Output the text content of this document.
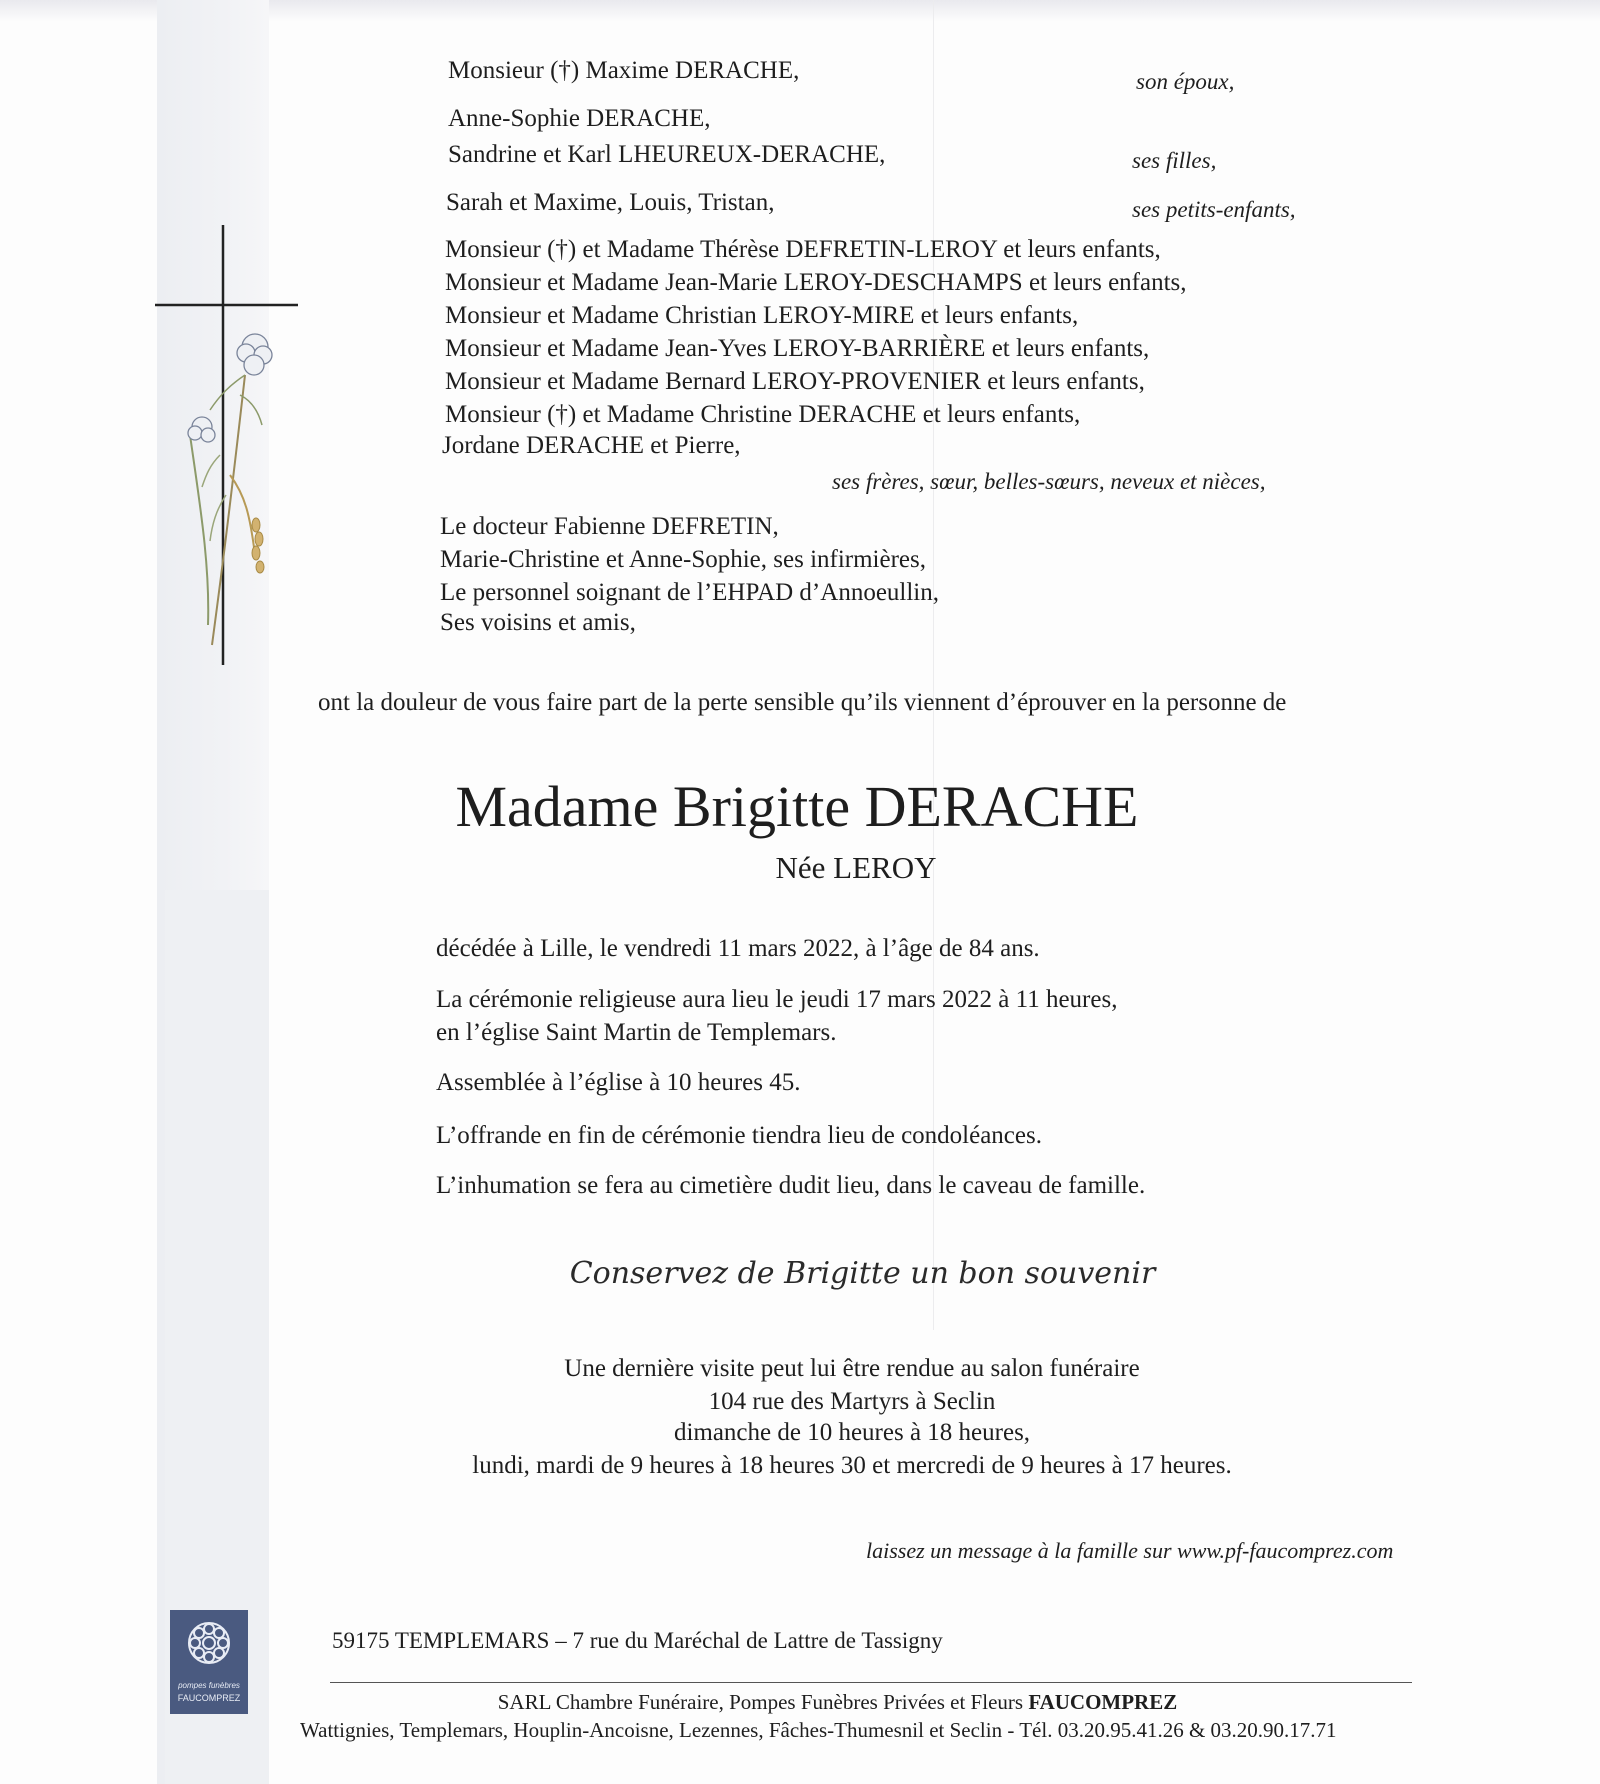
Monsieur (†) Maxime DERACHE,	son époux,
Anne-Sophie DERACHE,
Sandrine et Karl LHEUREUX-DERACHE,	ses filles,
Sarah et Maxime, Louis, Tristan,	ses petits-enfants,
Monsieur (†) et Madame Thérèse DEFRETIN-LEROY et leurs enfants,
Monsieur et Madame Jean-Marie LEROY-DESCHAMPS et leurs enfants,
Monsieur et Madame Christian LEROY-MIRE et leurs enfants,
Monsieur et Madame Jean-Yves LEROY-BARRIÈRE et leurs enfants,
Monsieur et Madame Bernard LEROY-PROVENIER et leurs enfants,
Monsieur (†) et Madame Christine DERACHE et leurs enfants,
Jordane DERACHE et Pierre,
ses frères, sœur, belles-sœurs, neveux et nièces,
Le docteur Fabienne DEFRETIN,
Marie-Christine et Anne-Sophie, ses infirmières,
Le personnel soignant de l’EHPAD d’Annoeullin,
Ses voisins et amis,
ont la douleur de vous faire part de la perte sensible qu’ils viennent d’éprouver en la personne de
Madame Brigitte DERACHE
Née LEROY
décédée à Lille, le vendredi 11 mars 2022, à l’âge de 84 ans.
La cérémonie religieuse aura lieu le jeudi 17 mars 2022 à 11 heures,
en l’église Saint Martin de Templemars.
Assemblée à l’église à 10 heures 45.
L’offrande en fin de cérémonie tiendra lieu de condoléances.
L’inhumation se fera au cimetière dudit lieu, dans le caveau de famille.
Conservez de Brigitte un bon souvenir
Une dernière visite peut lui être rendue au salon funéraire
104 rue des Martyrs à Seclin
dimanche de 10 heures à 18 heures,
lundi, mardi de 9 heures à 18 heures 30 et mercredi de 9 heures à 17 heures.
laissez un message à la famille sur www.pf-faucomprez.com
pompes funèbres
FAUCOMPREZ
59175 TEMPLEMARS – 7 rue du Maréchal de Lattre de Tassigny
SARL Chambre Funéraire, Pompes Funèbres Privées et Fleurs FAUCOMPREZ
Wattignies, Templemars, Houplin-Ancoisne, Lezennes, Fâches-Thumesnil et Seclin - Tél. 03.20.95.41.26 & 03.20.90.17.71
